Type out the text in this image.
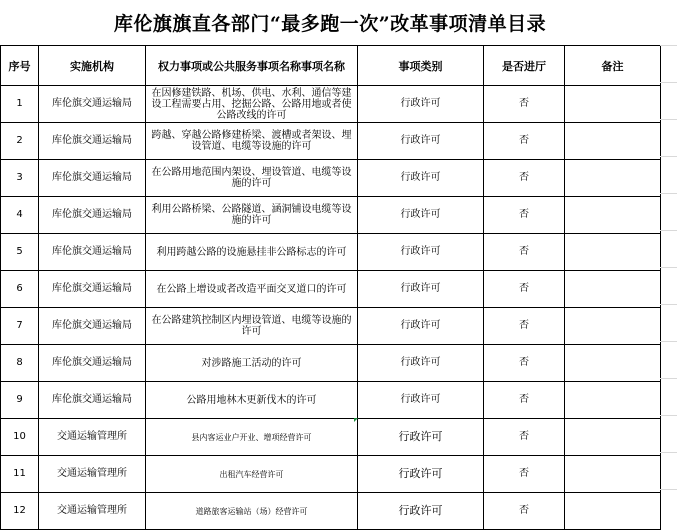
库伦旗旗直各部门“最多跑一次”改革事项清单目录
序号	实施机构	权力事项或公共服务事项名称事项名称	事项类别	是否进厅	备注
1	库伦旗交通运输局	在因修建铁路、机场、供电、水利、通信等建设工程需要占用、挖掘公路、公路用地或者使公路改线的许可	行政许可	否	
2	库伦旗交通运输局	跨越、穿越公路修建桥梁、渡槽或者架设、埋设管道、电缆等设施的许可	行政许可	否	
3	库伦旗交通运输局	在公路用地范围内架设、埋设管道、电缆等设施的许可	行政许可	否	
4	库伦旗交通运输局	利用公路桥梁、公路隧道、涵洞铺设电缆等设施的许可	行政许可	否	
5	库伦旗交通运输局	利用跨越公路的设施悬挂非公路标志的许可	行政许可	否	
6	库伦旗交通运输局	在公路上增设或者改造平面交叉道口的许可	行政许可	否	
7	库伦旗交通运输局	在公路建筑控制区内埋设管道、电缆等设施的许可	行政许可	否	
8	库伦旗交通运输局	对涉路施工活动的许可	行政许可	否	
9	库伦旗交通运输局	公路用地林木更新伐木的许可	行政许可	否	
10	交通运输管理所	县内客运业户开业、增项经营许可	行政许可	否	
11	交通运输管理所	出租汽车经营许可	行政许可	否	
12	交通运输管理所	道路旅客运输站（场）经营许可	行政许可	否	
